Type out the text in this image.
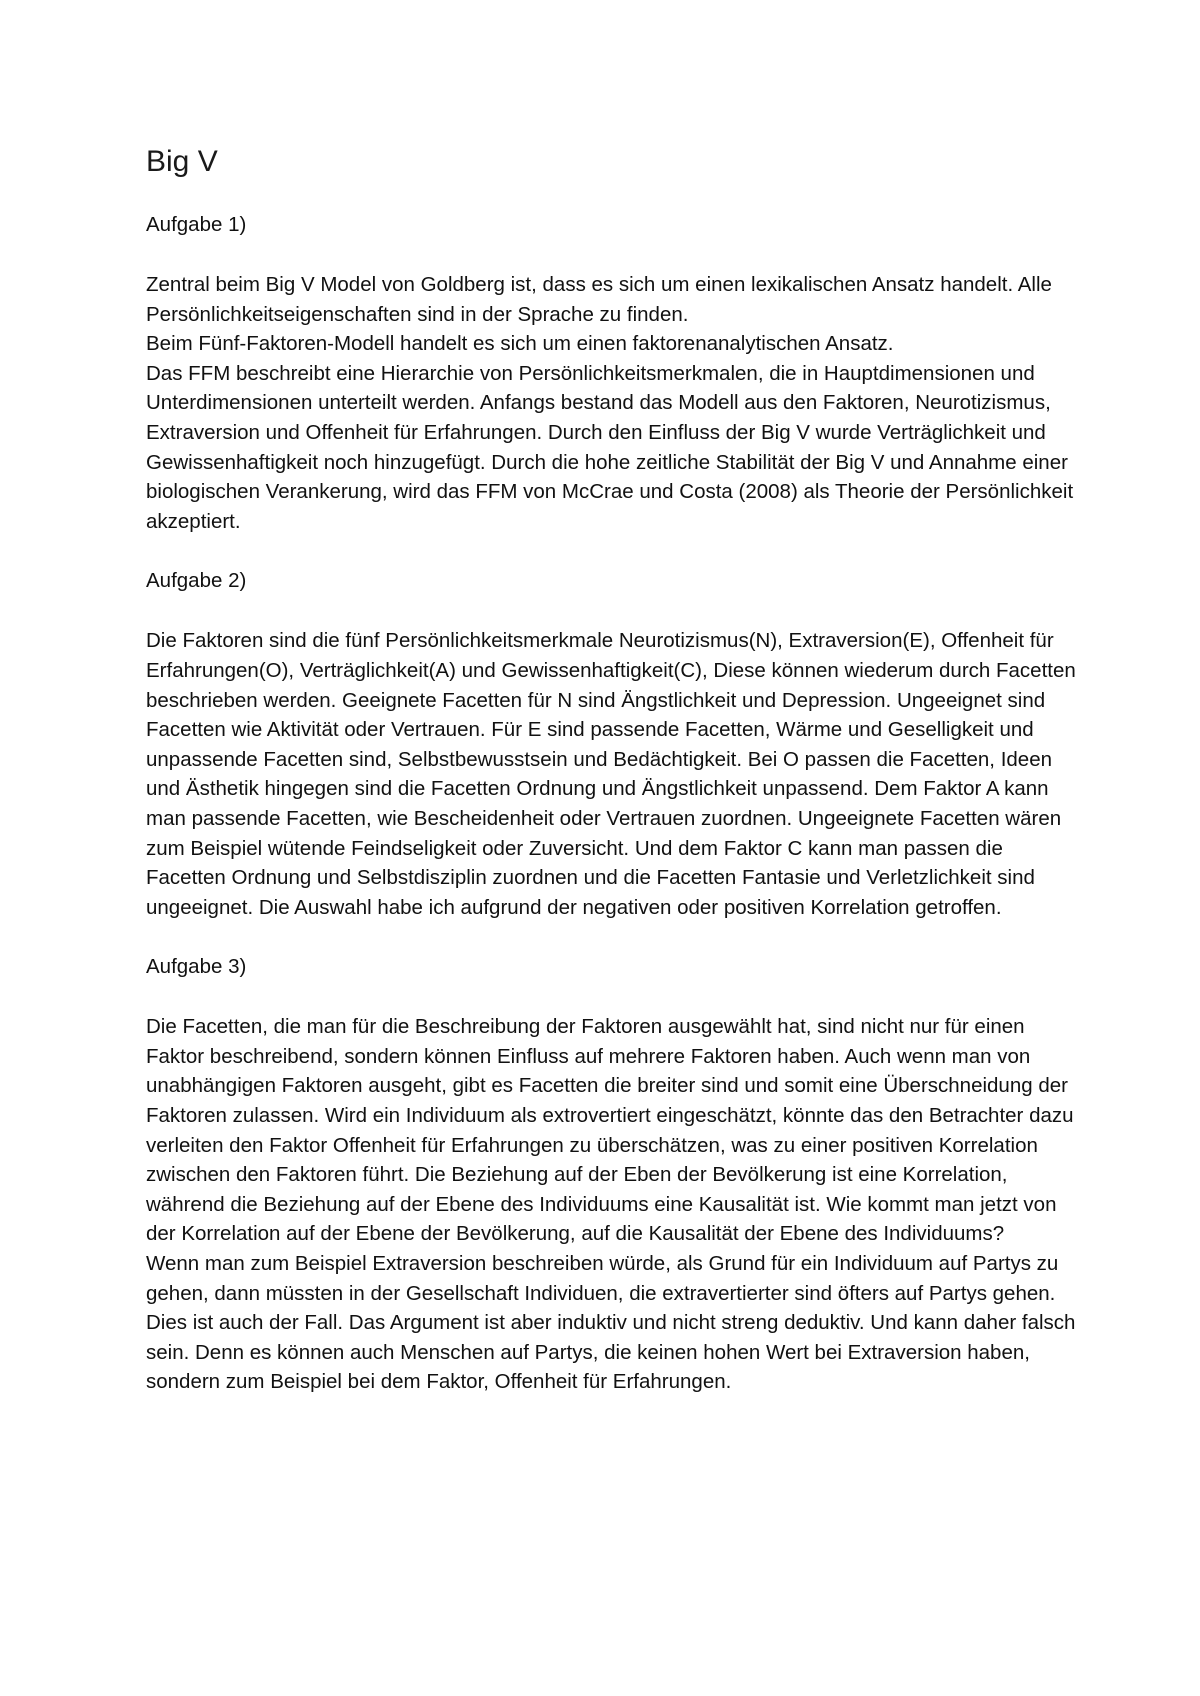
Big V
Aufgabe 1)

Zentral beim Big V Model von Goldberg ist, dass es sich um einen lexikalischen Ansatz handelt. Alle Persönlichkeitseigenschaften sind in der Sprache zu finden.
Beim Fünf-Faktoren-Modell handelt es sich um einen faktorenanalytischen Ansatz.
Das FFM beschreibt eine Hierarchie von Persönlichkeitsmerkmalen, die in Hauptdimensionen und Unterdimensionen unterteilt werden. Anfangs bestand das Modell aus den Faktoren, Neurotizismus, Extraversion und Offenheit für Erfahrungen. Durch den Einfluss der Big V wurde Verträglichkeit und Gewissenhaftigkeit noch hinzugefügt. Durch die hohe zeitliche Stabilität der Big V und Annahme einer biologischen Verankerung, wird das FFM von McCrae und Costa (2008) als Theorie der Persönlichkeit akzeptiert.

Aufgabe 2)

Die Faktoren sind die fünf Persönlichkeitsmerkmale Neurotizismus(N), Extraversion(E), Offenheit für Erfahrungen(O), Verträglichkeit(A) und Gewissenhaftigkeit(C), Diese können wiederum durch Facetten beschrieben werden. Geeignete Facetten für N sind Ängstlichkeit und Depression. Ungeeignet sind Facetten wie Aktivität oder Vertrauen. Für E sind passende Facetten, Wärme und Geselligkeit und unpassende Facetten sind, Selbstbewusstsein und Bedächtigkeit. Bei O passen die Facetten, Ideen und Ästhetik hingegen sind die Facetten Ordnung und Ängstlichkeit unpassend. Dem Faktor A kann man passende Facetten, wie Bescheidenheit oder Vertrauen zuordnen. Ungeeignete Facetten wären zum Beispiel wütende Feindseligkeit oder Zuversicht. Und dem Faktor C kann man passen die Facetten Ordnung und Selbstdisziplin zuordnen und die Facetten Fantasie und Verletzlichkeit sind ungeeignet. Die Auswahl habe ich aufgrund der negativen oder positiven Korrelation getroffen.

Aufgabe 3)

Die Facetten, die man für die Beschreibung der Faktoren ausgewählt hat, sind nicht nur für einen Faktor beschreibend, sondern können Einfluss auf mehrere Faktoren haben. Auch wenn man von unabhängigen Faktoren ausgeht, gibt es Facetten die breiter sind und somit eine Überschneidung der Faktoren zulassen. Wird ein Individuum als extrovertiert eingeschätzt, könnte das den Betrachter dazu verleiten den Faktor Offenheit für Erfahrungen zu überschätzen, was zu einer positiven Korrelation zwischen den Faktoren führt. Die Beziehung auf der Eben der Bevölkerung ist eine Korrelation, während die Beziehung auf der Ebene des Individuums eine Kausalität ist. Wie kommt man jetzt von der Korrelation auf der Ebene der Bevölkerung, auf die Kausalität der Ebene des Individuums?
Wenn man zum Beispiel Extraversion beschreiben würde, als Grund für ein Individuum auf Partys zu gehen, dann müssten in der Gesellschaft Individuen, die extravertierter sind öfters auf Partys gehen. Dies ist auch der Fall. Das Argument ist aber induktiv und nicht streng deduktiv. Und kann daher falsch sein. Denn es können auch Menschen auf Partys, die keinen hohen Wert bei Extraversion haben, sondern zum Beispiel bei dem Faktor, Offenheit für Erfahrungen.
